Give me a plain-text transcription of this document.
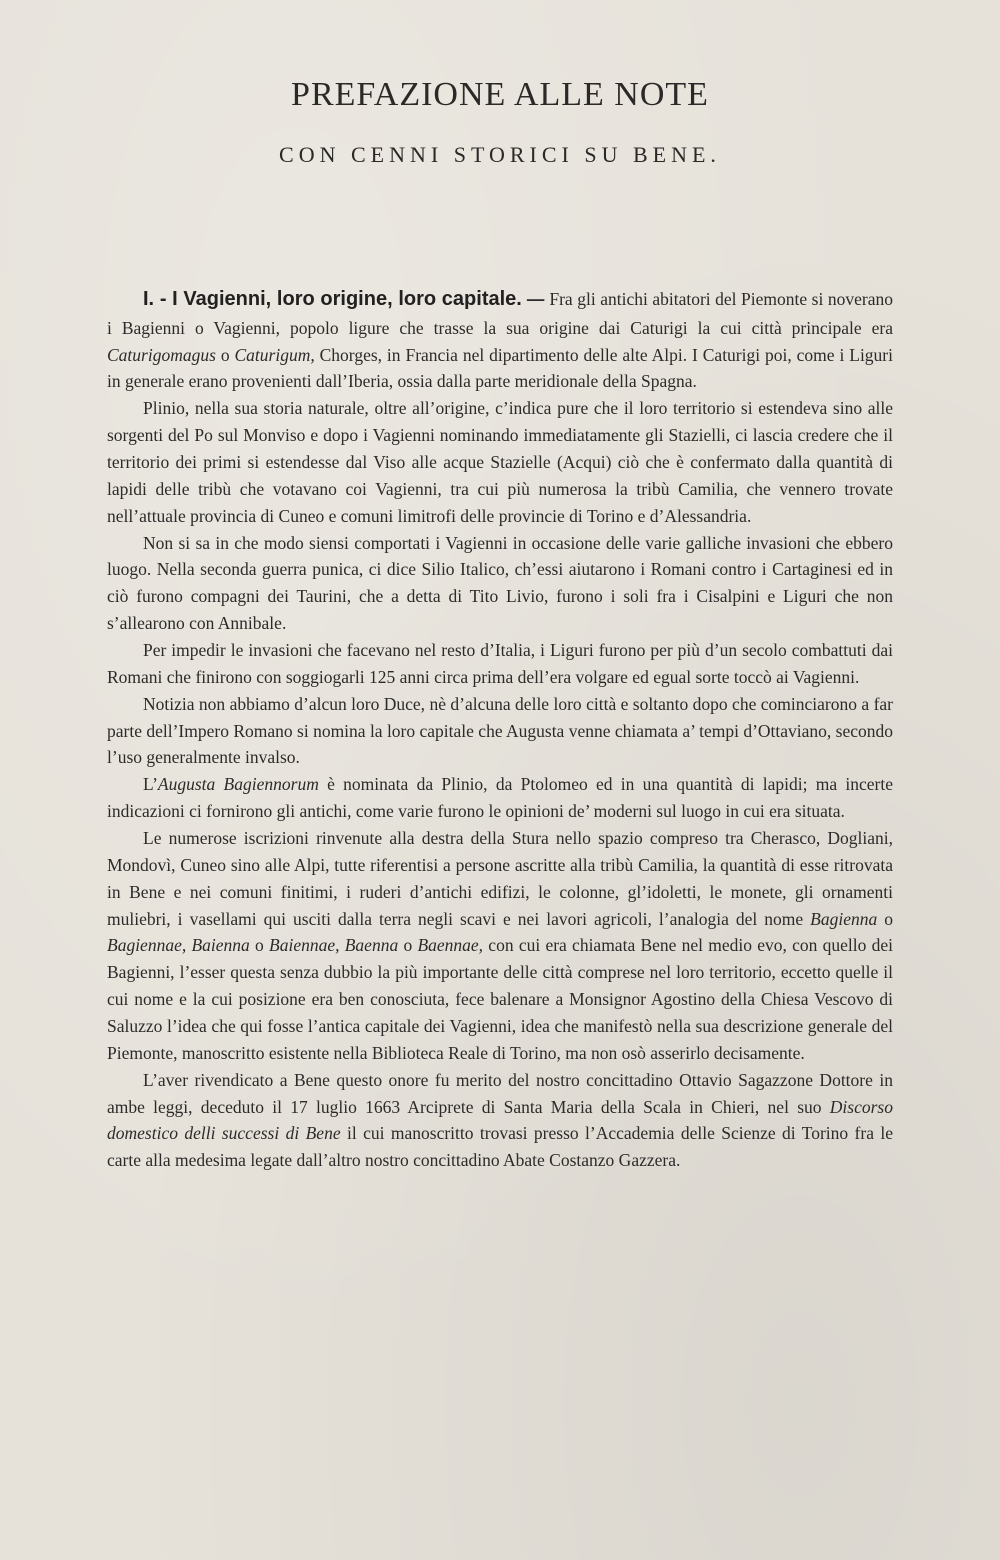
PREFAZIONE ALLE NOTE
CON CENNI STORICI SU BENE.

I. - I Vagienni, loro origine, loro capitale. — Fra gli antichi abitatori del Piemonte si noverano i Bagienni o Vagienni, popolo ligure che trasse la sua origine dai Caturigi la cui città principale era Caturigomagus o Caturigum, Chorges, in Francia nel dipartimento delle alte Alpi. I Caturigi poi, come i Liguri in generale erano provenienti dall’Iberia, ossia dalla parte meridionale della Spagna.

Plinio, nella sua storia naturale, oltre all’origine, c’indica pure che il loro territorio si estendeva sino alle sorgenti del Po sul Monviso e dopo i Vagienni nominando immediatamente gli Stazielli, ci lascia credere che il territorio dei primi si estendesse dal Viso alle acque Stazielle (Acqui) ciò che è confermato dalla quantità di lapidi delle tribù che votavano coi Vagienni, tra cui più numerosa la tribù Camilia, che vennero trovate nell’attuale provincia di Cuneo e comuni limitrofi delle provincie di Torino e d’Alessandria.

Non si sa in che modo siensi comportati i Vagienni in occasione delle varie galliche invasioni che ebbero luogo. Nella seconda guerra punica, ci dice Silio Italico, ch’essi aiutarono i Romani contro i Cartaginesi ed in ciò furono compagni dei Taurini, che a detta di Tito Livio, furono i soli fra i Cisalpini e Liguri che non s’allearono con Annibale.

Per impedir le invasioni che facevano nel resto d’Italia, i Liguri furono per più d’un secolo combattuti dai Romani che finirono con soggiogarli 125 anni circa prima dell’era volgare ed egual sorte toccò ai Vagienni.

Notizia non abbiamo d’alcun loro Duce, nè d’alcuna delle loro città e soltanto dopo che cominciarono a far parte dell’Impero Romano si nomina la loro capitale che Augusta venne chiamata a’ tempi d’Ottaviano, secondo l’uso generalmente invalso.

L’Augusta Bagiennorum è nominata da Plinio, da Ptolomeo ed in una quantità di lapidi; ma incerte indicazioni ci fornirono gli antichi, come varie furono le opinioni de’ moderni sul luogo in cui era situata.

Le numerose iscrizioni rinvenute alla destra della Stura nello spazio compreso tra Cherasco, Dogliani, Mondovì, Cuneo sino alle Alpi, tutte riferentisi a persone ascritte alla tribù Camilia, la quantità di esse ritrovata in Bene e nei comuni finitimi, i ruderi d’antichi edifizi, le colonne, gl’idoletti, le monete, gli ornamenti muliebri, i vasellami qui usciti dalla terra negli scavi e nei lavori agricoli, l’analogia del nome Bagienna o Bagiennae, Baienna o Baiennae, Baenna o Baennae, con cui era chiamata Bene nel medio evo, con quello dei Bagienni, l’esser questa senza dubbio la più importante delle città comprese nel loro territorio, eccetto quelle il cui nome e la cui posizione era ben conosciuta, fece balenare a Monsignor Agostino della Chiesa Vescovo di Saluzzo l’idea che qui fosse l’antica capitale dei Vagienni, idea che manifestò nella sua descrizione generale del Piemonte, manoscritto esistente nella Biblioteca Reale di Torino, ma non osò asserirlo decisamente.

L’aver rivendicato a Bene questo onore fu merito del nostro concittadino Ottavio Sagazzone Dottore in ambe leggi, deceduto il 17 luglio 1663 Arciprete di Santa Maria della Scala in Chieri, nel suo Discorso domestico delli successi di Bene il cui manoscritto trovasi presso l’Accademia delle Scienze di Torino fra le carte alla medesima legate dall’altro nostro concittadino Abate Costanzo Gazzera.
